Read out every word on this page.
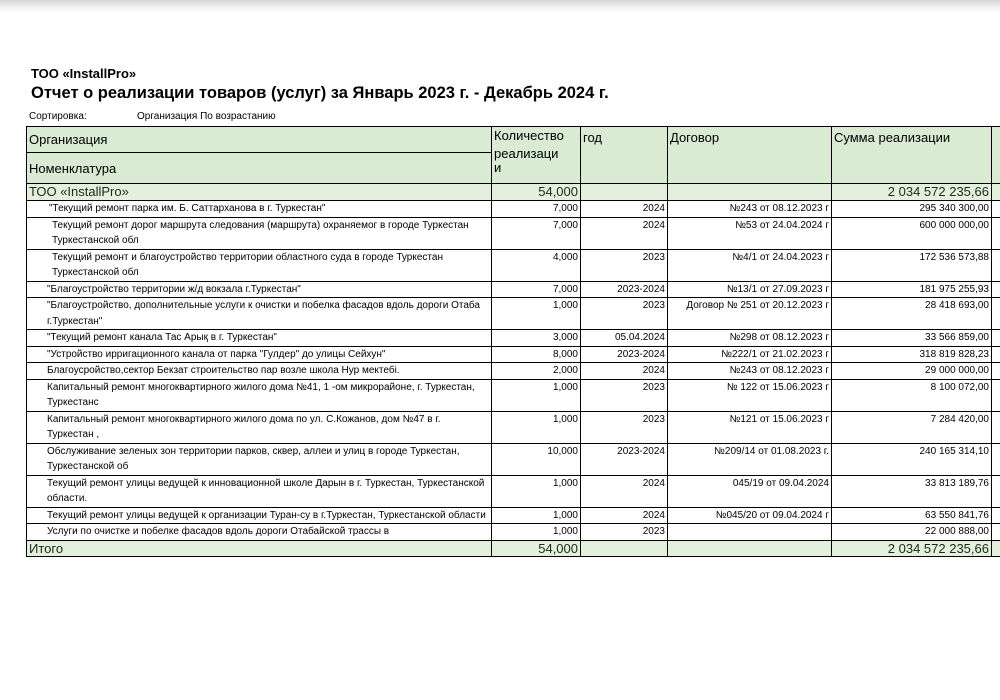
ТОО «InstallPro»
Отчет о реализации товаров (услуг) за Январь 2023 г. - Декабрь 2024 г.
Сортировка:	Организация По возрастанию
Организация	Количество
реализаци
и	год	Договор	Сумма реализации	
Номенклатура					
ТОО «InstallPro»	54,000			2 034 572 235,66	
"Текущий ремонт парка им. Б. Саттарханова в г. Туркестан"	7,000	2024	№243 от 08.12.2023 г	295 340 300,00	
Текущий ремонт дорог маршрута следования (маршрута) охраняемог в городе Туркестан Туркестанской обл	7,000	2024	№53 от 24.04.2024 г	600 000 000,00	
Текущий ремонт и благоустройство территории областного суда в городе Туркестан Туркестанской обл	4,000	2023	№4/1 от 24.04.2023 г	172 536 573,88	
"Благоустройство территории ж/д вокзала г.Туркестан"	7,000	2023-2024	№13/1 от 27.09.2023 г	181 975 255,93	
"Благоустройство, дополнительные услуги к очистки и побелка фасадов вдоль дороги Отаба г.Туркестан"	1,000	2023	Договор № 251 от 20.12.2023 г	28 418 693,00	
"Текущий ремонт канала Тас Арық в г. Туркестан"	3,000	05.04.2024	№298 от 08.12.2023 г	33 566 859,00	
"Устройство ирригационного канала от парка "Гулдер" до улицы Сейхун"	8,000	2023-2024	№222/1 от 21.02.2023 г	318 819 828,23	
Благоусройство,сектор Бекзат строительство пар возле школа Нур мектебі.	2,000	2024	№243 от 08.12.2023 г	29 000 000,00	
Капитальный ремонт многоквартирного жилого дома №41, 1 -ом микрорайоне, г. Туркестан, Туркестанс	1,000	2023	№ 122 от 15.06.2023 г	8 100 072,00	
Капитальный ремонт многоквартирного жилого дома по ул. С.Кожанов, дом №47 в г. Туркестан ,	1,000	2023	№121 от 15.06.2023 г	7 284 420,00	
Обслуживание зеленых зон территории парков, сквер, аллеи и улиц в городе Туркестан, Туркестанской об	10,000	2023-2024	№209/14 от 01.08.2023 г.	240 165 314,10	
Текущий ремонт улицы ведущей к инновационной школе Дарын в г. Туркестан, Туркестанской области.	1,000	2024	045/19 от 09.04.2024	33 813 189,76	
Текущий ремонт улицы ведущей к организации Туран-су в г.Туркестан, Туркестанской области	1,000	2024	№045/20 от 09.04.2024 г	63 550 841,76	
Услуги по очистке и побелке фасадов вдоль дороги Отабайской трассы в	1,000	2023		22 000 888,00	
Итого	54,000			2 034 572 235,66	
